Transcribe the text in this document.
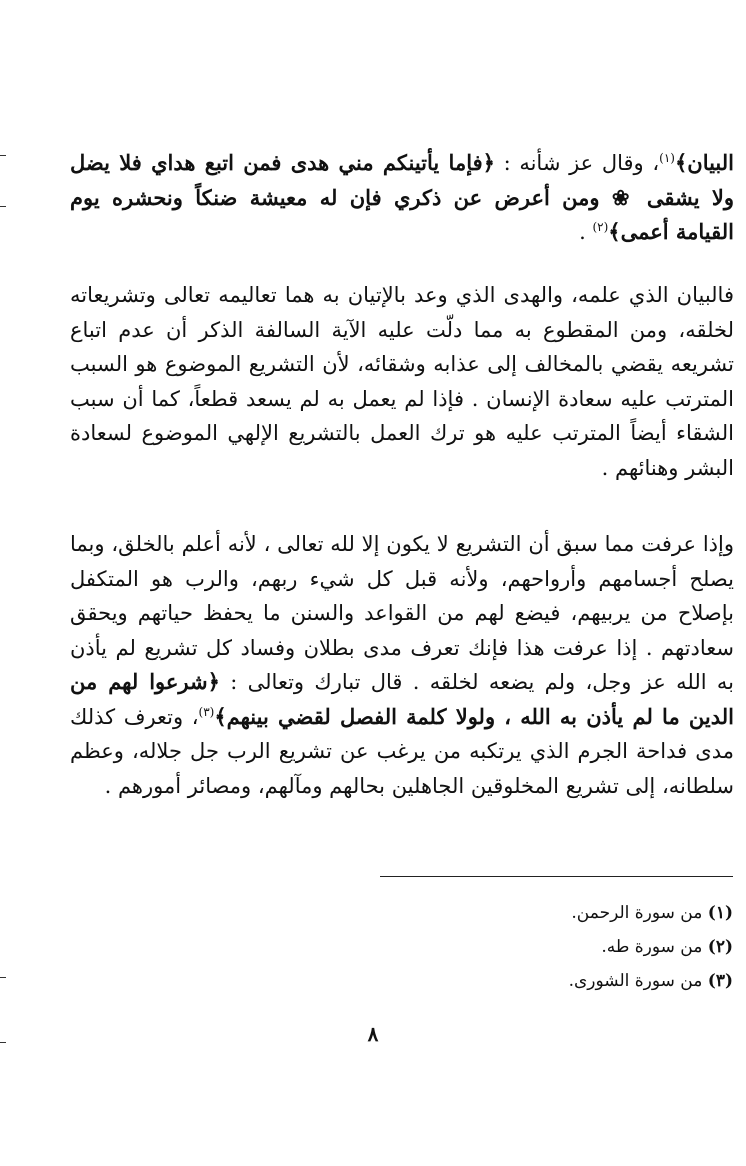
البيان﴾$^{(١)}$، وقال عز شأنه : ﴿فإما يأتينكم مني هدى فمن اتبع هداي فلا يضل ولا يشقى ❀ ومن أعرض عن ذكري فإن له معيشة ضنكاً ونحشره يوم القيامة أعمى﴾$^{(٢)}$ .
فالبيان الذي علمه، والهدى الذي وعد بالإتيان به هما تعاليمه تعالى وتشريعاته لخلقه، ومن المقطوع به مما دلّت عليه الآية السالفة الذكر أن عدم اتباع تشريعه يقضي بالمخالف إلى عذابه وشقائه، لأن التشريع الموضوع هو السبب المترتب عليه سعادة الإنسان . فإذا لم يعمل به لم يسعد قطعاً، كما أن سبب الشقاء أيضاً المترتب عليه هو ترك العمل بالتشريع الإلهي الموضوع لسعادة البشر وهنائهم .
وإذا عرفت مما سبق أن التشريع لا يكون إلا لله تعالى ، لأنه أعلم بالخلق، وبما يصلح أجسامهم وأرواحهم، ولأنه قبل كل شيء ربهم، والرب هو المتكفل بإصلاح من يربيهم، فيضع لهم من القواعد والسنن ما يحفظ حياتهم ويحقق سعادتهم . إذا عرفت هذا فإنك تعرف مدى بطلان وفساد كل تشريع لم يأذن به الله عز وجل، ولم يضعه لخلقه . قال تبارك وتعالى : ﴿شرعوا لهم من الدين ما لم يأذن به الله ، ولولا كلمة الفصل لقضي بينهم﴾$^{(٣)}$، وتعرف كذلك مدى فداحة الجرم الذي يرتكبه من يرغب عن تشريع الرب جل جلاله، وعظم سلطانه، إلى تشريع المخلوقين الجاهلين بحالهم ومآلهم، ومصائر أمورهم .
(١) من سورة الرحمن.
(٢) من سورة طه.
(٣) من سورة الشورى.
٨
